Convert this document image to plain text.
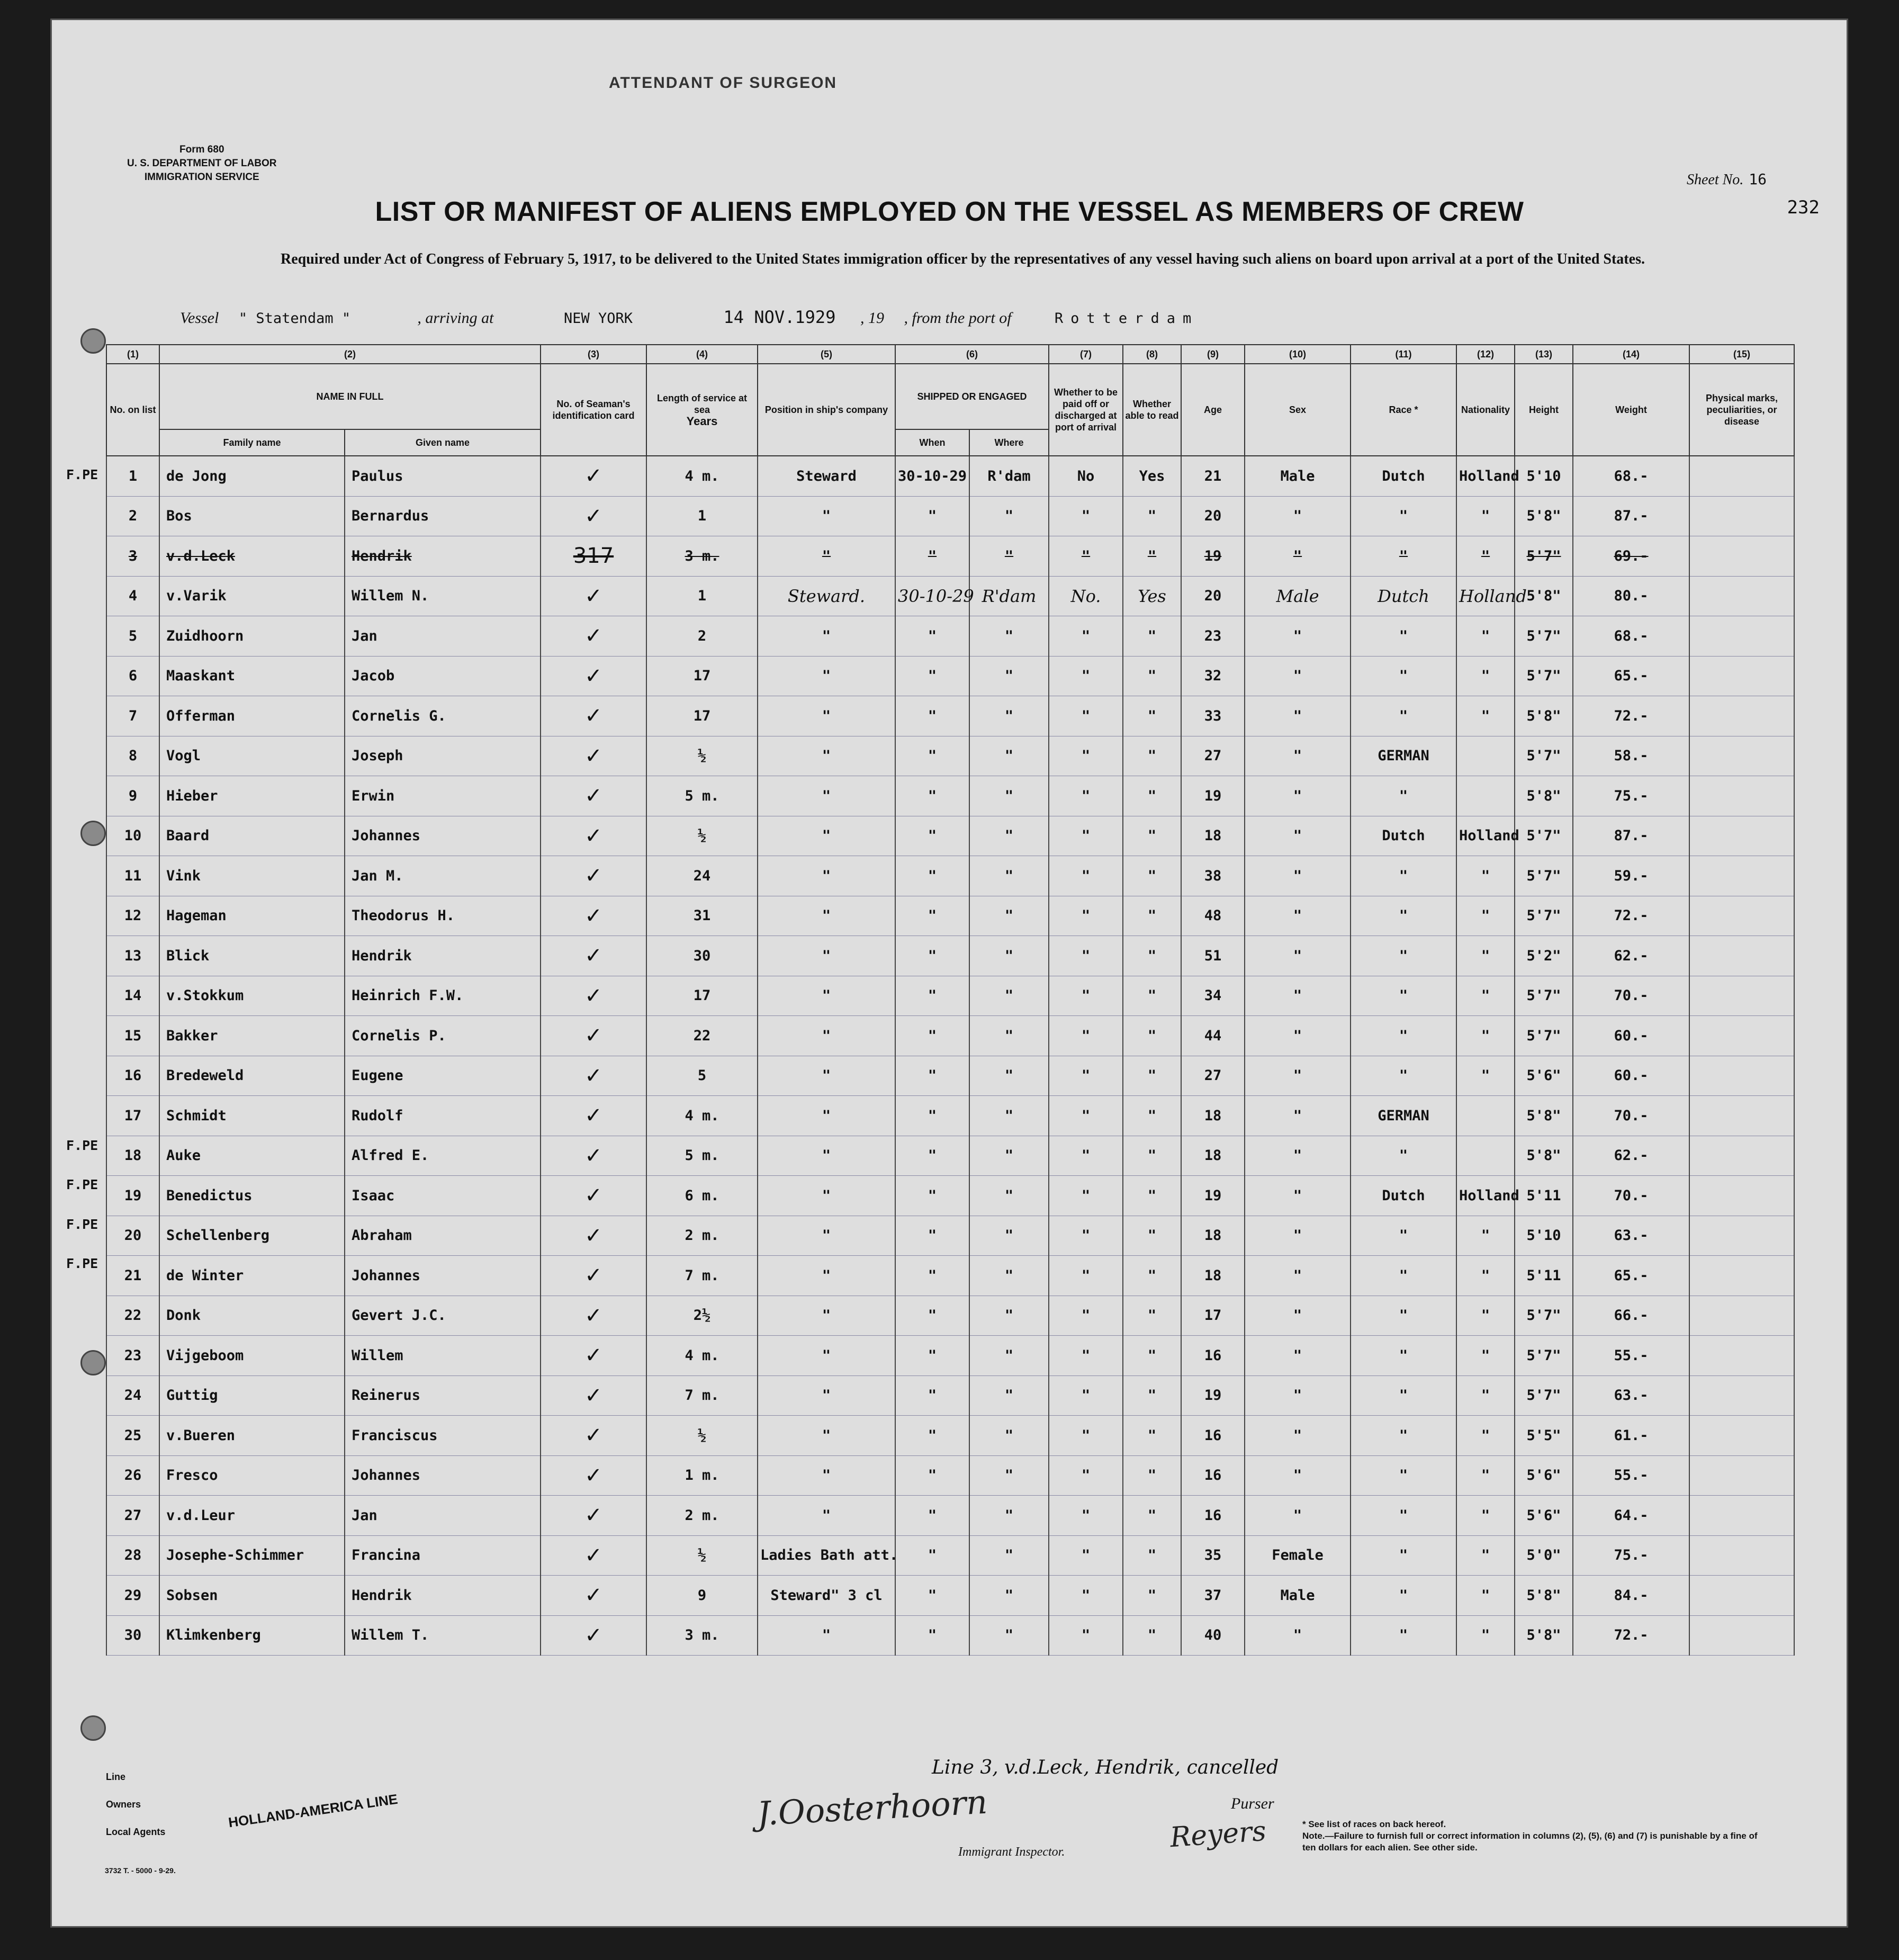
ATTENDANT OF SURGEON
Form 680
U. S. DEPARTMENT OF LABOR
IMMIGRATION SERVICE	Sheet No. 16
232
LIST OR MANIFEST OF ALIENS EMPLOYED ON THE VESSEL AS MEMBERS OF CREW
Required under Act of Congress of February 5, 1917, to be delivered to the United States immigration officer by the representatives of any vessel having such aliens on board upon arrival at a port of the United States.
Vessel " Statendam "	, arriving at	NEW YORK	14 NOV.1929 , 19 , from the port of	Rotterdam
(1)	(2)		(3)	(4)	(5)	(6)		(7)	(8)	(9)	(10)	(11)	(12)	(13)	(14)	(15)
No. on list	NAME IN FULL		No. of Seaman's identification card	Length of service at sea
Years	Position in ship's company	SHIPPED OR ENGAGED		Whether to be paid off or discharged at port of arrival	Whether able to read	Age	Sex	Race *	Nationality	Height	Weight	Physical marks, peculiarities, or disease
	Family name	Given name				When	Where									
1	de Jong	Paulus	✓	4 m.	Steward	30-10-29	R'dam	No	Yes	21	Male	Dutch	Holland	5'10	68.-	
2	Bos	Bernardus	✓	1	"	"	"	"	"	20	"	"	"	5'8"	87.-	
3	v.d.Leck	Hendrik	317	3 m.	"	"	"	"	"	19	"	"	"	5'7"	69.-	
4	v.Varik	Willem N.	✓	1	Steward.	30-10-29	R'dam	No.	Yes	20	Male	Dutch	Holland	5'8"	80.-	
5	Zuidhoorn	Jan	✓	2	"	"	"	"	"	23	"	"	"	5'7"	68.-	
6	Maaskant	Jacob	✓	17	"	"	"	"	"	32	"	"	"	5'7"	65.-	
7	Offerman	Cornelis G.	✓	17	"	"	"	"	"	33	"	"	"	5'8"	72.-	
8	Vogl	Joseph	✓	½	"	"	"	"	"	27	"	GERMAN		5'7"	58.-	
9	Hieber	Erwin	✓	5 m.	"	"	"	"	"	19	"	"		5'8"	75.-	
10	Baard	Johannes	✓	½	"	"	"	"	"	18	"	Dutch	Holland	5'7"	87.-	
11	Vink	Jan M.	✓	24	"	"	"	"	"	38	"	"	"	5'7"	59.-	
12	Hageman	Theodorus H.	✓	31	"	"	"	"	"	48	"	"	"	5'7"	72.-	
13	Blick	Hendrik	✓	30	"	"	"	"	"	51	"	"	"	5'2"	62.-	
14	v.Stokkum	Heinrich F.W.	✓	17	"	"	"	"	"	34	"	"	"	5'7"	70.-	
15	Bakker	Cornelis P.	✓	22	"	"	"	"	"	44	"	"	"	5'7"	60.-	
16	Bredeweld	Eugene	✓	5	"	"	"	"	"	27	"	"	"	5'6"	60.-	
17	Schmidt	Rudolf	✓	4 m.	"	"	"	"	"	18	"	GERMAN		5'8"	70.-	
18	Auke	Alfred E.	✓	5 m.	"	"	"	"	"	18	"	"		5'8"	62.-	
19	Benedictus	Isaac	✓	6 m.	"	"	"	"	"	19	"	Dutch	Holland	5'11	70.-	
20	Schellenberg	Abraham	✓	2 m.	"	"	"	"	"	18	"	"	"	5'10	63.-	
21	de Winter	Johannes	✓	7 m.	"	"	"	"	"	18	"	"	"	5'11	65.-	
22	Donk	Gevert J.C.	✓	2½	"	"	"	"	"	17	"	"	"	5'7"	66.-	
23	Vijgeboom	Willem	✓	4 m.	"	"	"	"	"	16	"	"	"	5'7"	55.-	
24	Guttig	Reinerus	✓	7 m.	"	"	"	"	"	19	"	"	"	5'7"	63.-	
25	v.Bueren	Franciscus	✓	½	"	"	"	"	"	16	"	"	"	5'5"	61.-	
26	Fresco	Johannes	✓	1 m.	"	"	"	"	"	16	"	"	"	5'6"	55.-	
27	v.d.Leur	Jan	✓	2 m.	"	"	"	"	"	16	"	"	"	5'6"	64.-	
28	Josephe-Schimmer	Francina	✓	½	Ladies Bath att.	"	"	"	"	35	Female	"	"	5'0"	75.-	
29	Sobsen	Hendrik	✓	9	Steward" 3 cl	"	"	"	"	37	Male	"	"	5'8"	84.-	
30	Klimkenberg	Willem T.	✓	3 m.	"	"	"	"	"	40	"	"	"	5'8"	72.-	
F.PE
F.PE
F.PE
F.PE
F.PE
Line
Owners
Local Agents
HOLLAND-AMERICA LINE
Line 3, v.d.Leck, Hendrik, cancelled
J.Oosterhoorn
Immigrant Inspector.
Purser
Reyers	* See list of races on back hereof.
Note.—Failure to furnish full or correct information in columns (2), (5), (6) and (7) is punishable by a fine of ten dollars for each alien. See other side.
3732 T. - 5000 - 9-29.
